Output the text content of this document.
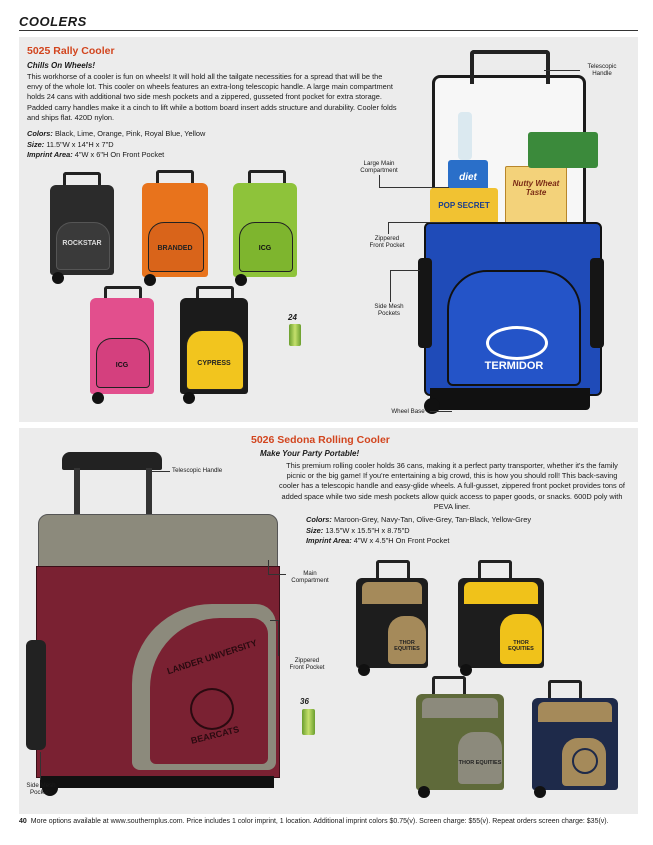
COOLERS
5025 Rally Cooler
Chills On Wheels!
This workhorse of a cooler is fun on wheels! It will hold all the tailgate necessities for a spread that will be the envy of the whole lot. This cooler on wheels features an extra-long telescopic handle. A large main compartment holds 24 cans with additional two side mesh pockets and a zippered, gusseted front pocket for extra storage. Padded carry handles make it a cinch to lift while a bottom board insert adds structure and durability. Cooler folds and ships flat. 420D nylon.
Colors: Black, Lime, Orange, Pink, Royal Blue, Yellow
Size: 11.5"W x 14"H x 7"D
Imprint Area: 4"W x 6"H On Front Pocket
ROCKSTAR
BRANDED	ICG
ICG	CYPRESS
24
diet
POP SECRET
Nutty Wheat Taste
TERMIDOR
Telescopic Handle
Large Main Compartment
Zippered Front Pocket
Side Mesh Pockets
Wheel Base
5026 Sedona Rolling Cooler
Make Your Party Portable!
This premium rolling cooler holds 36 cans, making it a perfect party transporter, whether it's the family picnic or the big game! If you're entertaining a big crowd, this is how you should roll! This back-saving cooler has a telescopic handle and easy-glide wheels. A full-gusset, zippered front pocket provides tons of added space while two side mesh pockets allow quick access to paper goods, or snacks. 600D poly with PEVA liner.
Colors: Maroon-Grey, Navy-Tan, Olive-Grey, Tan-Black, Yellow-Grey
Size: 13.5"W x 15.5"H x 8.75"D
Imprint Area: 4"W x 4.5"H On Front Pocket
LANDER UNIVERSITY
BEARCATS
Telescopic Handle
Main Compartment
Zippered Front Pocket
Side Mesh Pockets
36
THOR EQUITIES
THOR EQUITIES
THOR EQUITIES
40 More options available at www.southernplus.com. Price includes 1 color imprint, 1 location. Additional imprint colors $0.75(v). Screen charge: $55(v). Repeat orders screen charge: $35(v).
